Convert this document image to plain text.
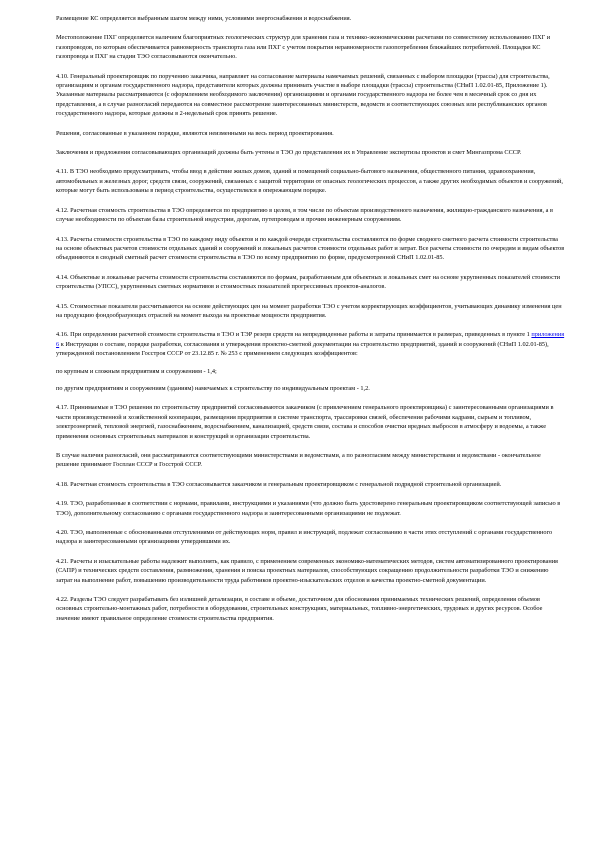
Размещение КС определяется выбранным шагом между ними, условиями энергоснабжения и водоснабжения.

Местоположение ПХГ определяется наличием благоприятных геологических структур для хранения газа и технико-экономическими расчетами по совместному использованию ПХГ и газопроводов, по которым обеспечивается равномерность транспорта газа или ПХГ с учетом покрытия неравномерности газопотребления ближайших потребителей. Площадки КС газопровода и ПХГ на стадии ТЭО согласовываются окончательно.

4.10. Генеральный проектировщик по поручению заказчика, направляет на согласование материалы намечаемых решений, связанных с выбором площадки (трассы) для строительства, организациям и органам государственного надзора, представители которых должны принимать участие в выборе площадки (трассы) строительства (СНиП 1.02.01-85, Приложение 1). Указанные материалы рассматриваются (с оформлением необходимого заключения) организациями и органами государственного надзора не более чем в месячный срок со дня их представления, а в случае разногласий передаются на совместное рассмотрение заинтересованных министерств, ведомств и соответствующих союзных или республиканских органов государственного надзора, которые должны в 2-недельный срок принять решение.

Решения, согласованные в указанном порядке, являются неизменными на весь период проектирования.

Заключения и предложения согласовывающих организаций должны быть учтены в ТЭО до представления их в Управление экспертизы проектов и смет Мингазпрома СССР.

4.11. В ТЭО необходимо предусматривать, чтобы ввод в действие жилых домов, зданий и помещений социально-бытового назначения, общественного питания, здравоохранения, автомобильных и железных дорог, средств связи, сооружений, связанных с защитой территории от опасных геологических процессов, а также других необходимых объектов и сооружений, которые могут быть использованы в период строительства, осуществлялся в опережающем порядке.

4.12. Расчетная стоимость строительства в ТЭО определяется по предприятию в целом, в том числе по объектам производственного назначения, жилищно-гражданского назначения, а в случае необходимости по объектам базы строительной индустрии, дорогам, путепроводам и прочим инженерным сооружениям.

4.13. Расчеты стоимости строительства в ТЭО по каждому виду объектов и по каждой очереди строительства составляются по форме сводного сметного расчета стоимости строительства на основе объектных расчетов стоимости отдельных зданий и сооружений и локальных расчетов стоимости отдельных работ и затрат. Все расчеты стоимости по очередям и видам объектов объединяются в сводный сметный расчет стоимости строительства в ТЭО по всему предприятию по форме, предусмотренной СНиП 1.02.01-85.

4.14. Объектные и локальные расчеты стоимости строительства составляются по формам, разработанным для объектных и локальных смет на основе укрупненных показателей стоимости строительства (УПСС), укрупненных сметных нормативов и стоимостных показателей прогрессивных проектов-аналогов.

4.15. Стоимостные показатели рассчитываются на основе действующих цен на момент разработки ТЭО с учетом корректирующих коэффициентов, учитывающих динамику изменения цен на продукцию фондообразующих отраслей на момент выхода на проектные мощности предприятия.

4.16. При определении расчетной стоимости строительства в ТЭО и ТЭР резерв средств на непредвиденные работы и затраты принимается в размерах, приведенных в пункте 1 приложения 6 к Инструкции о составе, порядке разработки, согласования и утверждения проектно-сметной документации на строительство предприятий, зданий и сооружений (СНиП 1.02.01-85), утвержденной постановлением Госстроя СССР от 23.12.85 г. № 253 с применением следующих коэффициентов:

по крупным и сложным предприятиям и сооружениям - 1,4;

по другим предприятиям и сооружениям (зданиям) намечаемых к строительству по индивидуальным проектам - 1,2.

4.17. Принимаемые в ТЭО решения по строительству предприятий согласовываются заказчиком (с привлечением генерального проектировщика) с заинтересованными организациями в части производственной и хозяйственной кооперации, размещения предприятия в системе транспорта, трассировки связей, обеспечения рабочими кадрами, сырьем и топливом, электроэнергией, тепловой энергией, газоснабжением, водоснабжением, канализацией, средств связи, состава и способов очистки вредных выбросов в атмосферу и водоемы, а также применения основных строительных материалов и конструкций и организации строительства.

В случае наличия разногласий, они рассматриваются соответствующими министерствами и ведомствами, а по разногласиям между министерствами и ведомствами - окончательное решение принимают Госплан СССР и Госстрой СССР.

4.18. Расчетная стоимость строительства в ТЭО согласовывается заказчиком и генеральным проектировщиком с генеральной подрядной строительной организацией.

4.19. ТЭО, разработанные в соответствии с нормами, правилами, инструкциями и указаниями (что должно быть удостоверено генеральным проектировщиком соответствующей записью в ТЭО), дополнительному согласованию с органами государственного надзора и заинтересованными организациями не подлежат.

4.20. ТЭО, выполненные с обоснованными отступлениями от действующих норм, правил и инструкций, подлежат согласованию в части этих отступлений с органами государственного надзора и заинтересованными организациями утвердившими их.

4.21. Расчеты и изыскательные работы надлежит выполнять, как правило, с применением современных экономико-математических методов, систем автоматизированного проектирования (САПР) и технических средств составления, размножения, хранения и поиска проектных материалов, способствующих сокращению продолжительности разработки ТЭО и снижению затрат на выполнение работ, повышению производительности труда работников проектно-изыскательских отделов и качества проектно-сметной документации.

4.22. Разделы ТЭО следует разрабатывать без излишней детализации, в составе и объеме, достаточном для обоснования принимаемых технических решений, определения объемов основных строительно-монтажных работ, потребности в оборудовании, строительных конструкциях, материальных, топливно-энергетических, трудовых и других ресурсов. Особое значение имеют правильное определение стоимости строительства предприятия.
